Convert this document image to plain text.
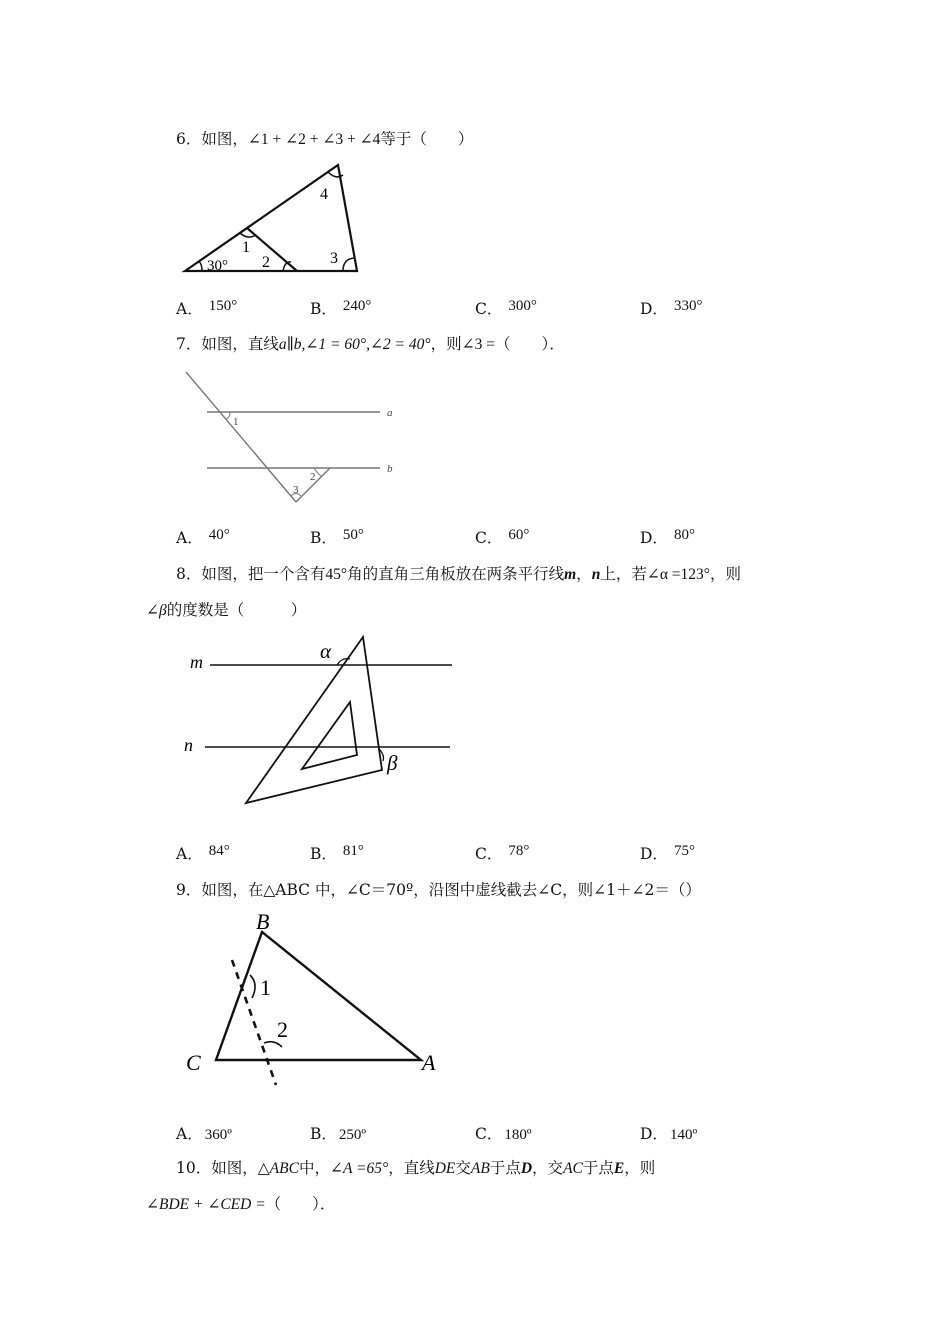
6．如图，∠1 + ∠2 + ∠3 + ∠4等于（　　）
4
1
2	3
30°
A． 150°	B． 240°	C． 300°	D． 330°
7．如图，直线a∥b,∠1 = 60°,∠2 = 40°，则∠3 =（　　）．
1
a
2
b
3
A． 40°	B． 50°	C． 60°	D． 80°
8．如图，把一个含有45°角的直角三角板放在两条平行线m，n上，若∠α =123°，则
∠β的度数是（　　　）
m
n
α
β
A． 84°	B． 81°	C． 78°	D． 75°
9．如图，在△ABC 中，∠C＝70º，沿图中虚线截去∠C，则∠1＋∠2＝（）
B
1
2
C	A
A． 360º	B． 250º	C． 180º	D． 140º
10．如图，△ABC中，∠A =65°，直线DE交AB于点D，交AC于点E，则
∠BDE + ∠CED =（　　）．
